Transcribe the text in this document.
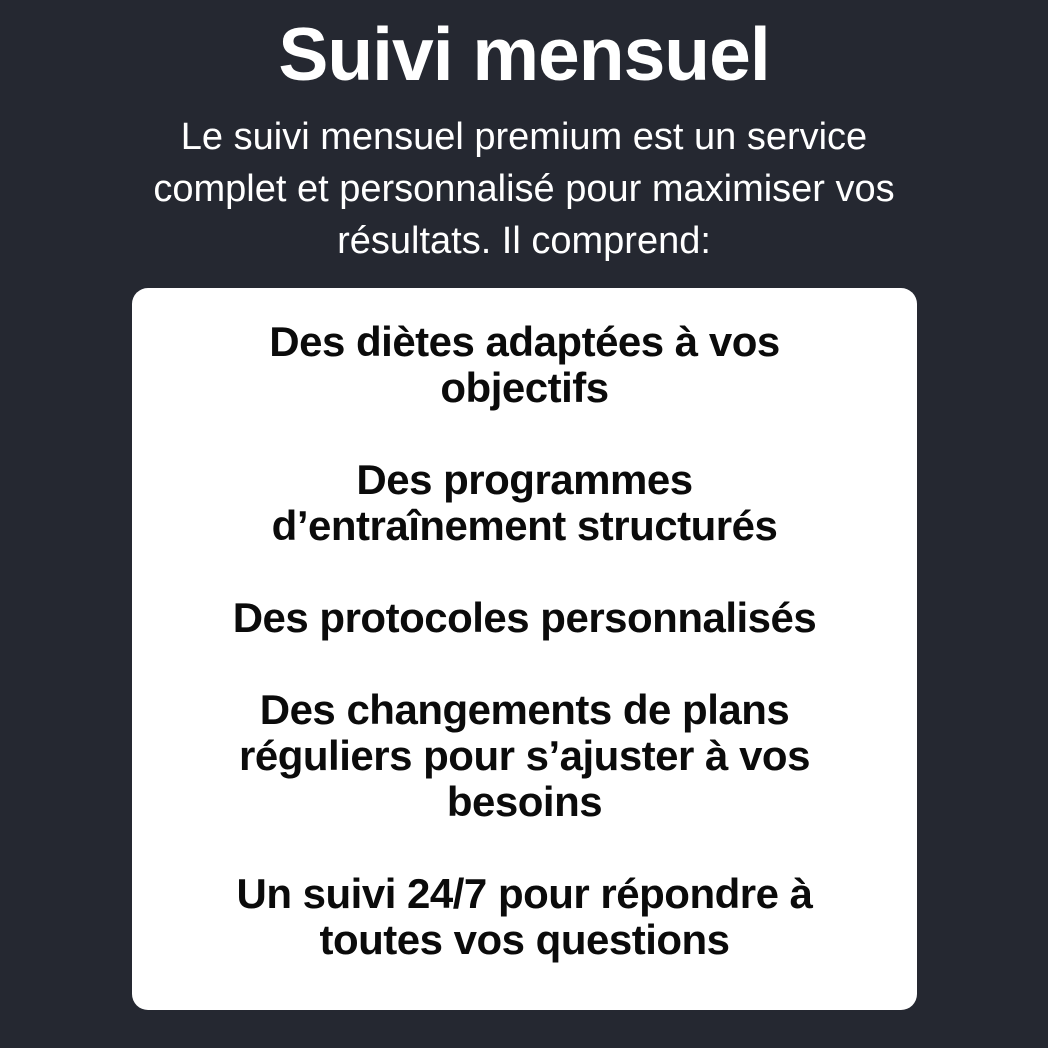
Suivi mensuel

Le suivi mensuel premium est un service
complet et personnalisé pour maximiser vos
résultats. Il comprend:

Des diètes adaptées à vos
objectifs
Des programmes
d’entraînement structurés
Des protocoles personnalisés
Des changements de plans
réguliers pour s’ajuster à vos
besoins
Un suivi 24/7 pour répondre à
toutes vos questions
